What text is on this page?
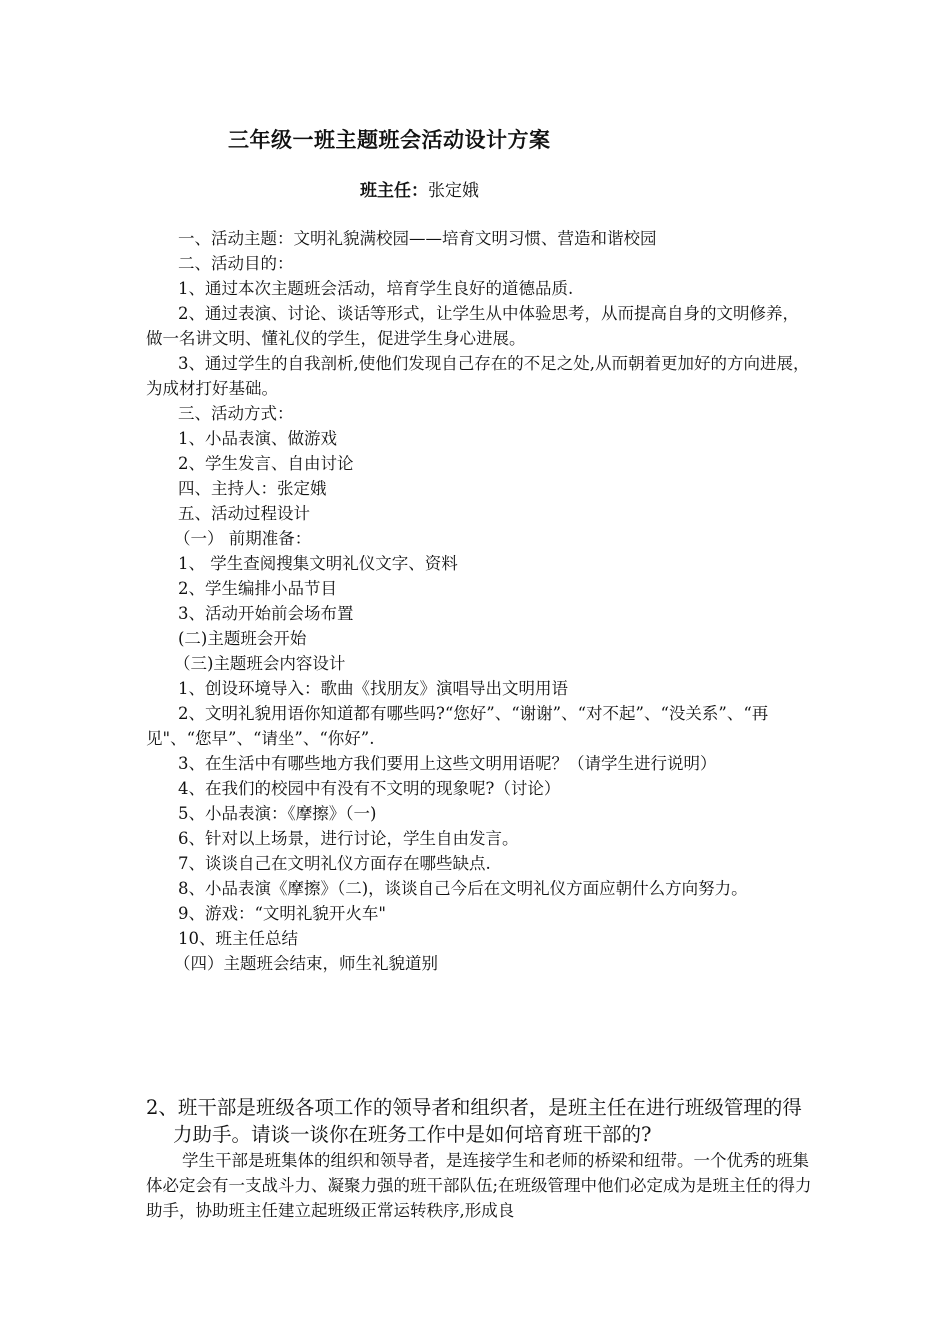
三年级一班主题班会活动设计方案
班主任：张定娥

一、活动主题：文明礼貌满校园——培育文明习惯、营造和谐校园

二、活动目的：

1、通过本次主题班会活动，培育学生良好的道德品质.

2、通过表演、讨论、谈话等形式，让学生从中体验思考，从而提高自身的文明修养，做一名讲文明、懂礼仪的学生，促进学生身心进展。

3、通过学生的自我剖析,使他们发现自己存在的不足之处,从而朝着更加好的方向进展，为成材打好基础。

三、活动方式：

1、小品表演、做游戏

2、学生发言、自由讨论

四、主持人：张定娥

五、活动过程设计

（一） 前期准备：

1、 学生查阅搜集文明礼仪文字、资料

2、学生编排小品节目

3、活动开始前会场布置

(二)主题班会开始

（三)主题班会内容设计

1、创设环境导入：歌曲《找朋友》演唱导出文明用语

2、文明礼貌用语你知道都有哪些吗?“您好”、“谢谢”、“对不起”、“没关系”、“再见"、“您早”、“请坐”、“你好”.

3、在生活中有哪些地方我们要用上这些文明用语呢？（请学生进行说明）

4、在我们的校园中有没有不文明的现象呢?（讨论）

5、小品表演：《摩擦》（一)

6、针对以上场景，进行讨论，学生自由发言。

7、谈谈自己在文明礼仪方面存在哪些缺点.

8、小品表演《摩擦》（二)，谈谈自己今后在文明礼仪方面应朝什么方向努力。

9、游戏：“文明礼貌开火车"

10、班主任总结

（四）主题班会结束，师生礼貌道别

2、班干部是班级各项工作的领导者和组织者，是班主任在进行班级管理的得力助手。请谈一谈你在班务工作中是如何培育班干部的?

学生干部是班集体的组织和领导者，是连接学生和老师的桥梁和纽带。一个优秀的班集体必定会有一支战斗力、凝聚力强的班干部队伍;在班级管理中他们必定成为是班主任的得力助手，协助班主任建立起班级正常运转秩序,形成良
